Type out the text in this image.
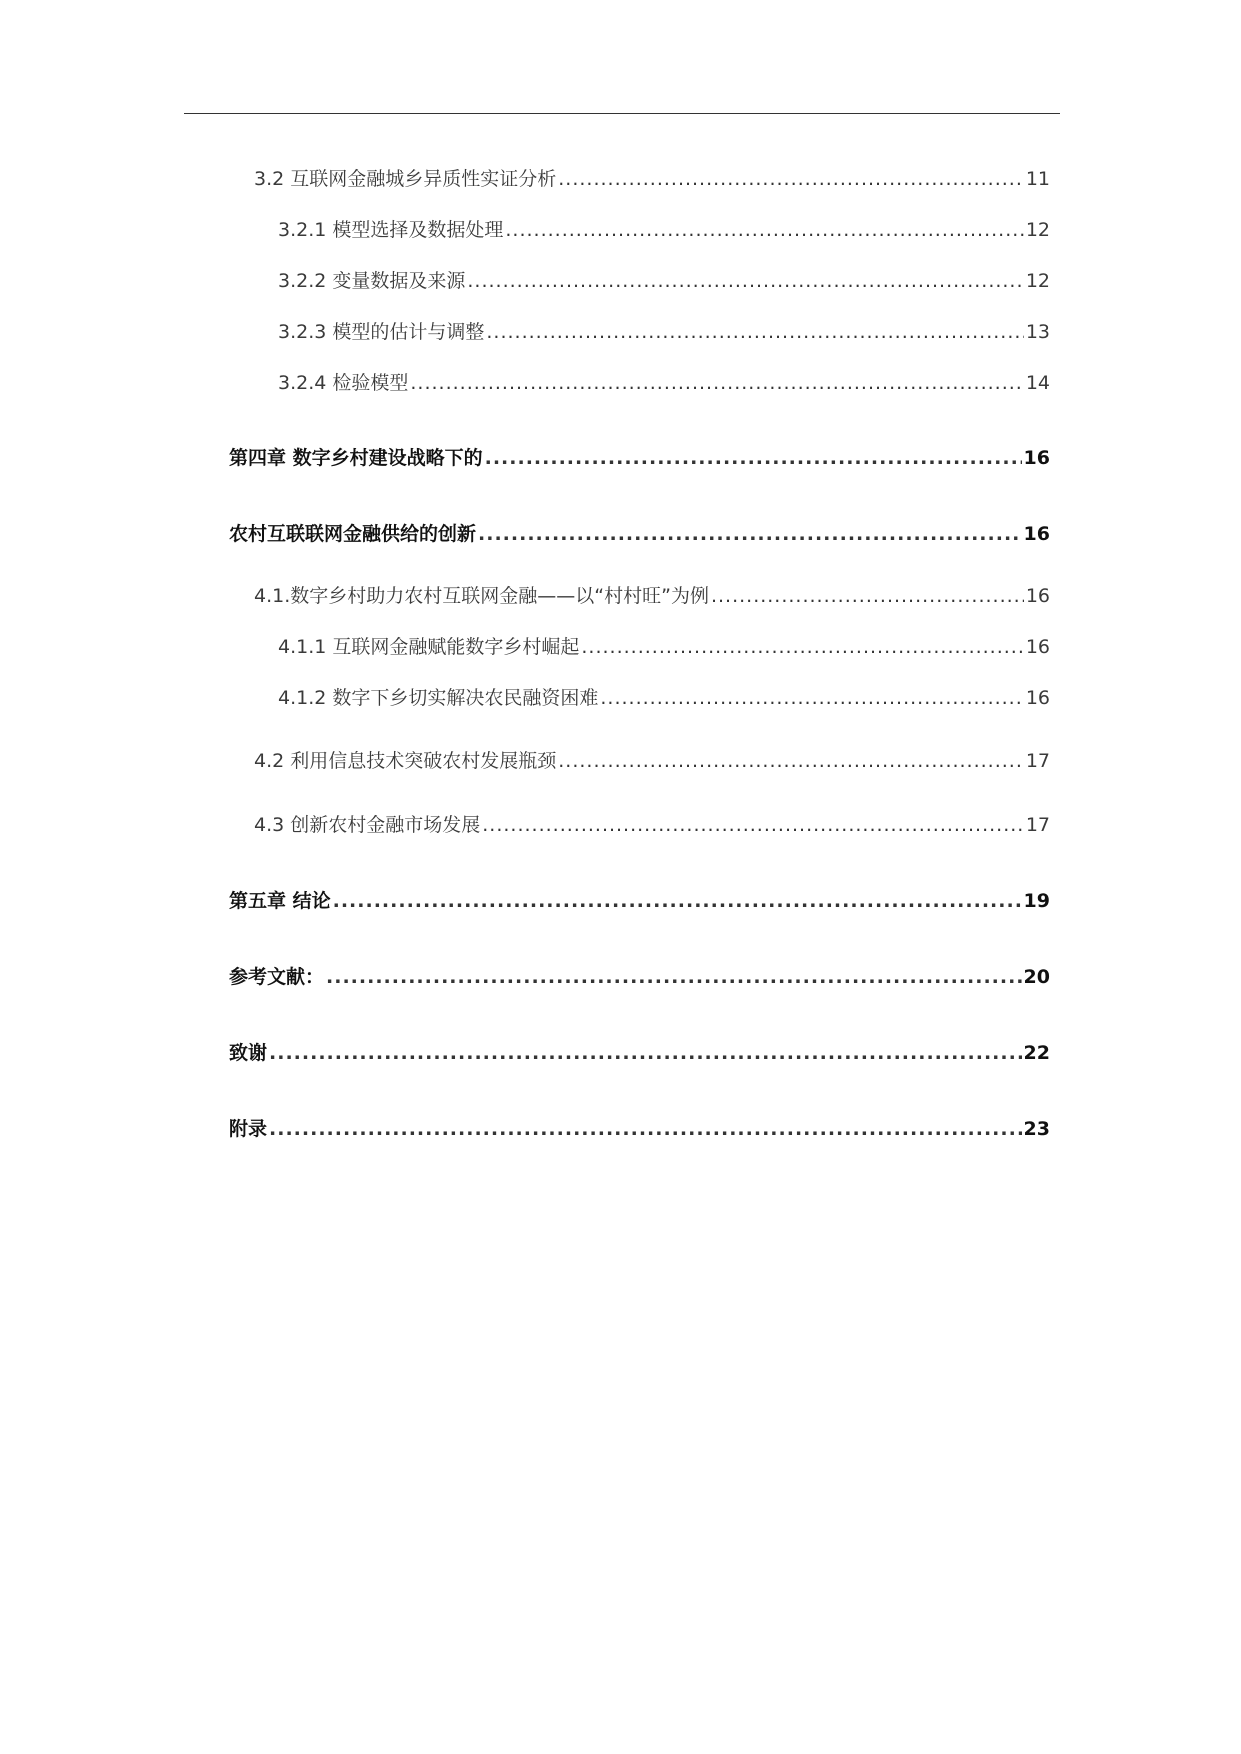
3.2 互联网金融城乡异质性实证分析 .....	11
3.2.1 模型选择及数据处理 .....	12
3.2.2 变量数据及来源 .....	12
3.2.3 模型的估计与调整 .....	13
3.2.4 检验模型 .....	14
第四章 数字乡村建设战略下的 .....	16
农村互联联网金融供给的创新 .....	16
4.1.数字乡村助力农村互联网金融——以“村村旺”为例 .....	16
4.1.1 互联网金融赋能数字乡村崛起 .....	16
4.1.2 数字下乡切实解决农民融资困难 .....	16
4.2 利用信息技术突破农村发展瓶颈 .....	17
4.3 创新农村金融市场发展 .....	17
第五章 结论 .....	19
参考文献： .....	20
致谢 .....	22
附录 .....	23
